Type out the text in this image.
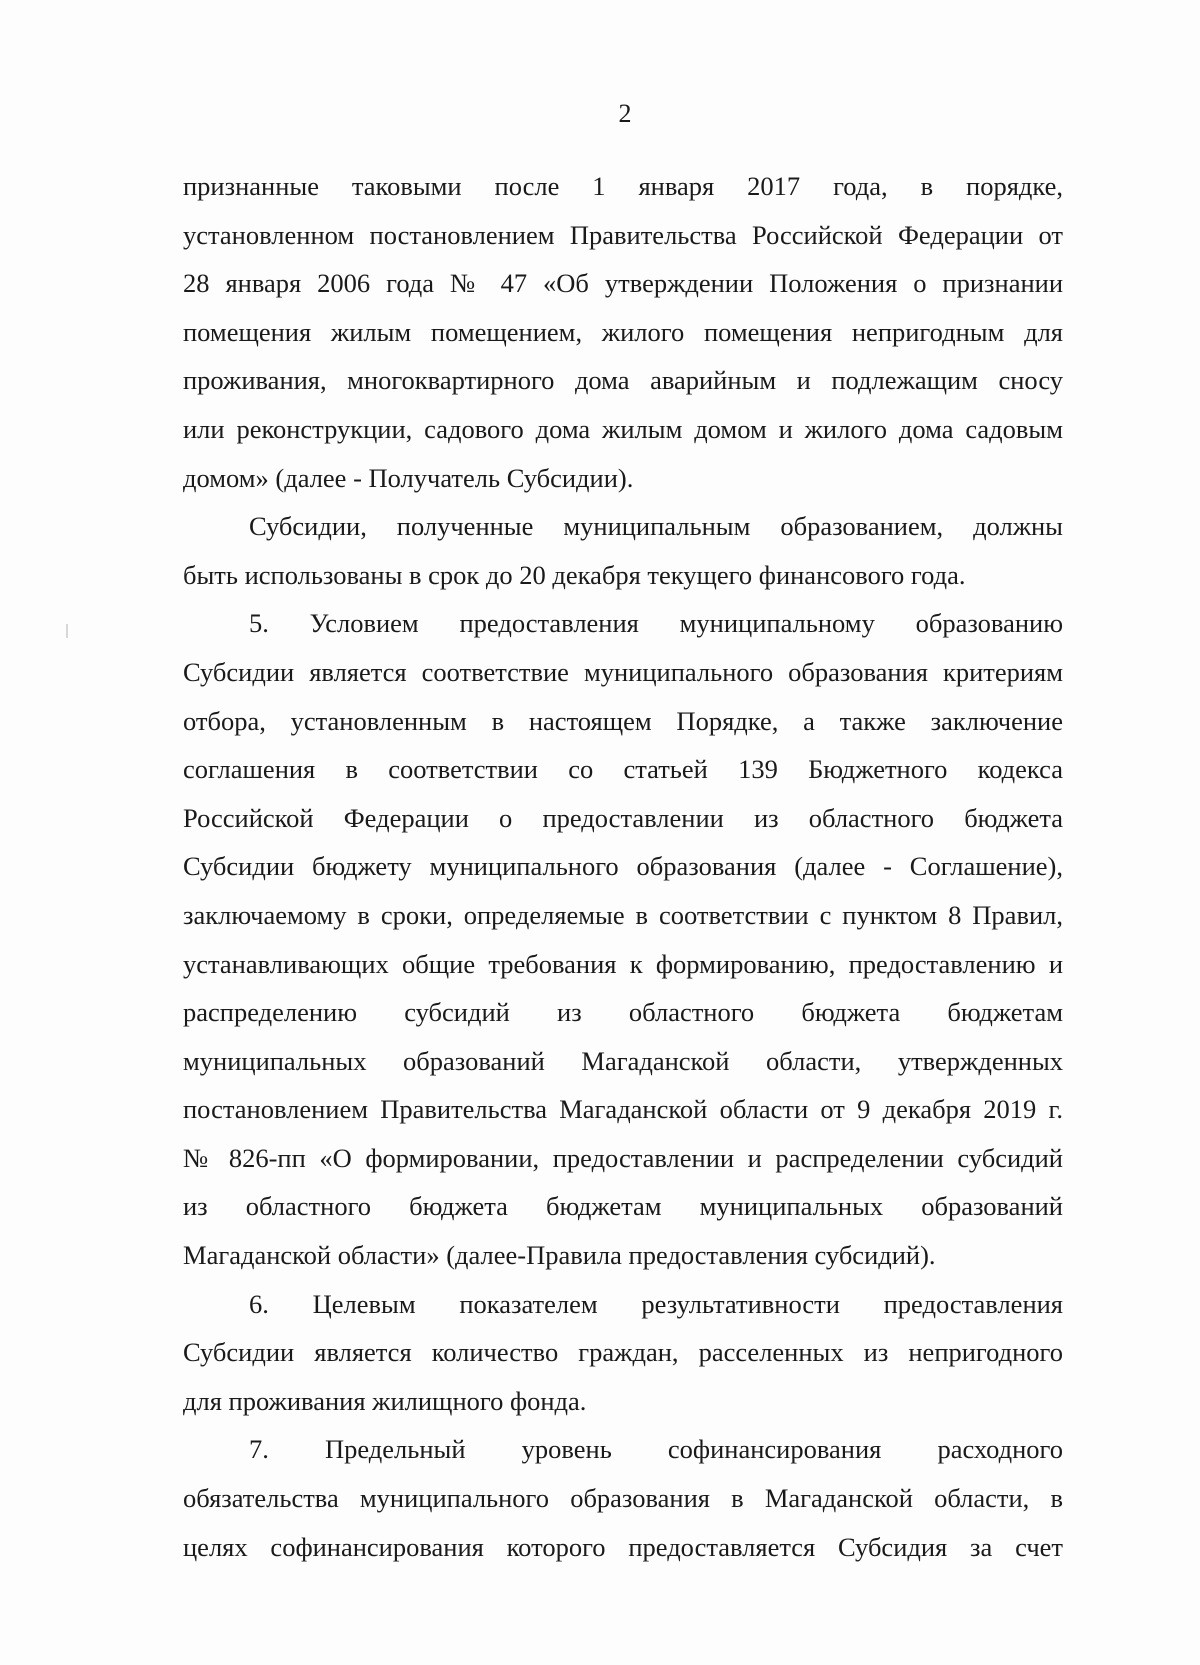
2
признанные таковыми после 1 января 2017 года, в порядке,
установленном постановлением Правительства Российской Федерации от
28 января 2006 года № 47 «Об утверждении Положения о признании
помещения жилым помещением, жилого помещения непригодным для
проживания, многоквартирного дома аварийным и подлежащим сносу
или реконструкции, садового дома жилым домом и жилого дома садовым
домом» (далее - Получатель Субсидии).
Субсидии, полученные муниципальным образованием, должны
быть использованы в срок до 20 декабря текущего финансового года.
5. Условием предоставления муниципальному образованию
Субсидии является соответствие муниципального образования критериям
отбора, установленным в настоящем Порядке, а также заключение
соглашения в соответствии со статьей 139 Бюджетного кодекса
Российской Федерации о предоставлении из областного бюджета
Субсидии бюджету муниципального образования (далее - Соглашение),
заключаемому в сроки, определяемые в соответствии с пунктом 8 Правил,
устанавливающих общие требования к формированию, предоставлению и
распределению субсидий из областного бюджета бюджетам
муниципальных образований Магаданской области, утвержденных
постановлением Правительства Магаданской области от 9 декабря 2019 г.
№ 826-пп «О формировании, предоставлении и распределении субсидий
из областного бюджета бюджетам муниципальных образований
Магаданской области» (далее-Правила предоставления субсидий).
6. Целевым показателем результативности предоставления
Субсидии является количество граждан, расселенных из непригодного
для проживания жилищного фонда.
7. Предельный уровень софинансирования расходного
обязательства муниципального образования в Магаданской области, в
целях софинансирования которого предоставляется Субсидия за счет
